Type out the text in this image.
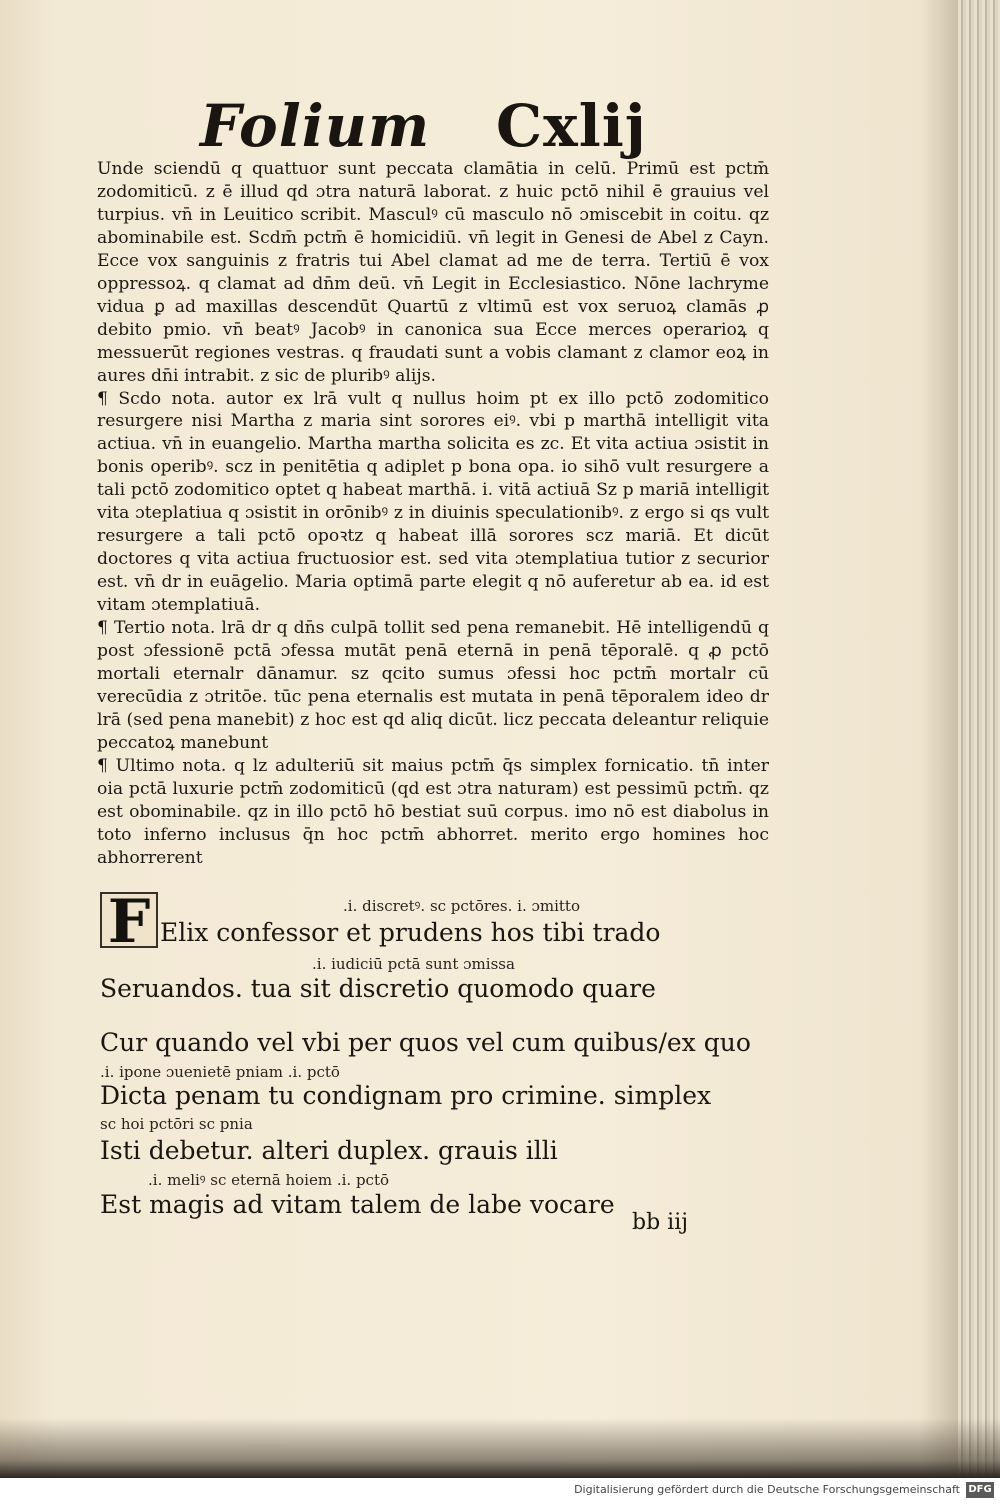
Folium Cxlij

Unde sciendū q quattuor sunt peccata clamātia in celū. Primū est pctm̄ zodomiticū. z ē illud qd ɔtra naturā laborat. z huic pctō nihil ē grauius vel turpius. vn̄ in Leuitico scribit. Masculꝰ cū masculo nō ɔmiscebit in coitu. qz abominabile est. Scdm̄ pctm̄ ē homicidiū. vn̄ legit in Genesi de Abel z Cayn. Ecce vox sanguinis z fratris tui Abel clamat ad me de terra. Tertiū ē vox oppressoꝝ. q clamat ad dn̄m deū. vn̄ Legit in Ecclesiastico. Nōne lachryme vidua ꝑ ad maxillas descendūt Quartū z vltimū est vox seruoꝝ clamās ꝓ debito pmio. vn̄ beatꝰ Jacobꝰ in canonica sua Ecce merces operarioꝝ q messuerūt regiones vestras. q fraudati sunt a vobis clamant z clamor eoꝝ in aures dn̄i intrabit. z sic de pluribꝰ alijs.

¶ Scdo nota. autor ex lrā vult q nullus hoim pt ex illo pctō zodomitico resurgere nisi Martha z maria sint sorores eiꝰ. vbi p marthā intelligit vita actiua. vn̄ in euangelio. Martha martha solicita es zc. Et vita actiua ɔsistit in bonis operibꝰ. scz in penitētia q adiplet p bona opa. io sihō vult resurgere a tali pctō zodomitico optet q habeat marthā. i. vitā actiuā Sz p mariā intelligit vita ɔteplatiua q ɔsistit in orōnibꝰ z in diuinis speculationibꝰ. z ergo si qs vult resurgere a tali pctō opoꝛtz q habeat illā sorores scz mariā. Et dicūt doctores q vita actiua fructuosior est. sed vita ɔtemplatiua tutior z securior est. vn̄ dr in euāgelio. Maria optimā parte elegit q nō auferetur ab ea. id est vitam ɔtemplatiuā.

¶ Tertio nota. lrā dr q dn̄s culpā tollit sed pena remanebit. Hē intelligendū q post ɔfessionē pctā ɔfessa mutāt penā eternā in penā tēporalē. q ꝓ pctō mortali eternalr dānamur. sz qcito sumus ɔfessi hoc pctm̄ mortalr cū verecūdia z ɔtritōe. tūc pena eternalis est mutata in penā tēporalem ideo dr lrā (sed pena manebit) z hoc est qd aliq dicūt. licz peccata deleantur reliquie peccatoꝝ manebunt

¶ Ultimo nota. q lz adulteriū sit maius pctm̄ q̄s simplex fornicatio. tn̄ inter oia pctā luxurie pctm̄ zodomiticū (qd est ɔtra naturam) est pessimū pctm̄. qz est obominabile. qz in illo pctō hō bestiat suū corpus. imo nō est diabolus in toto inferno inclusus q̄n hoc pctm̄ abhorret. merito ergo homines hoc abhorrerent

F	.i. discretꝰ. sc pctōres. i. ɔmitto
Elix confessor et prudens hos tibi trado
.i. iudiciū pctā sunt ɔmissa
Seruandos. tua sit discretio quomodo quare
Cur quando vel vbi per quos vel cum quibus/ex quo
.i. ipone ɔuenietē pniam .i. pctō
Dicta penam tu condignam pro crimine. simplex
sc hoi pctōri sc pnia
Isti debetur. alteri duplex. grauis illi
.i. meliꝰ sc eternā hoiem .i. pctō
Est magis ad vitam talem de labe vocare
bb iij
Digitalisierung gefördert durch die Deutsche Forschungsgemeinschaft DFG
